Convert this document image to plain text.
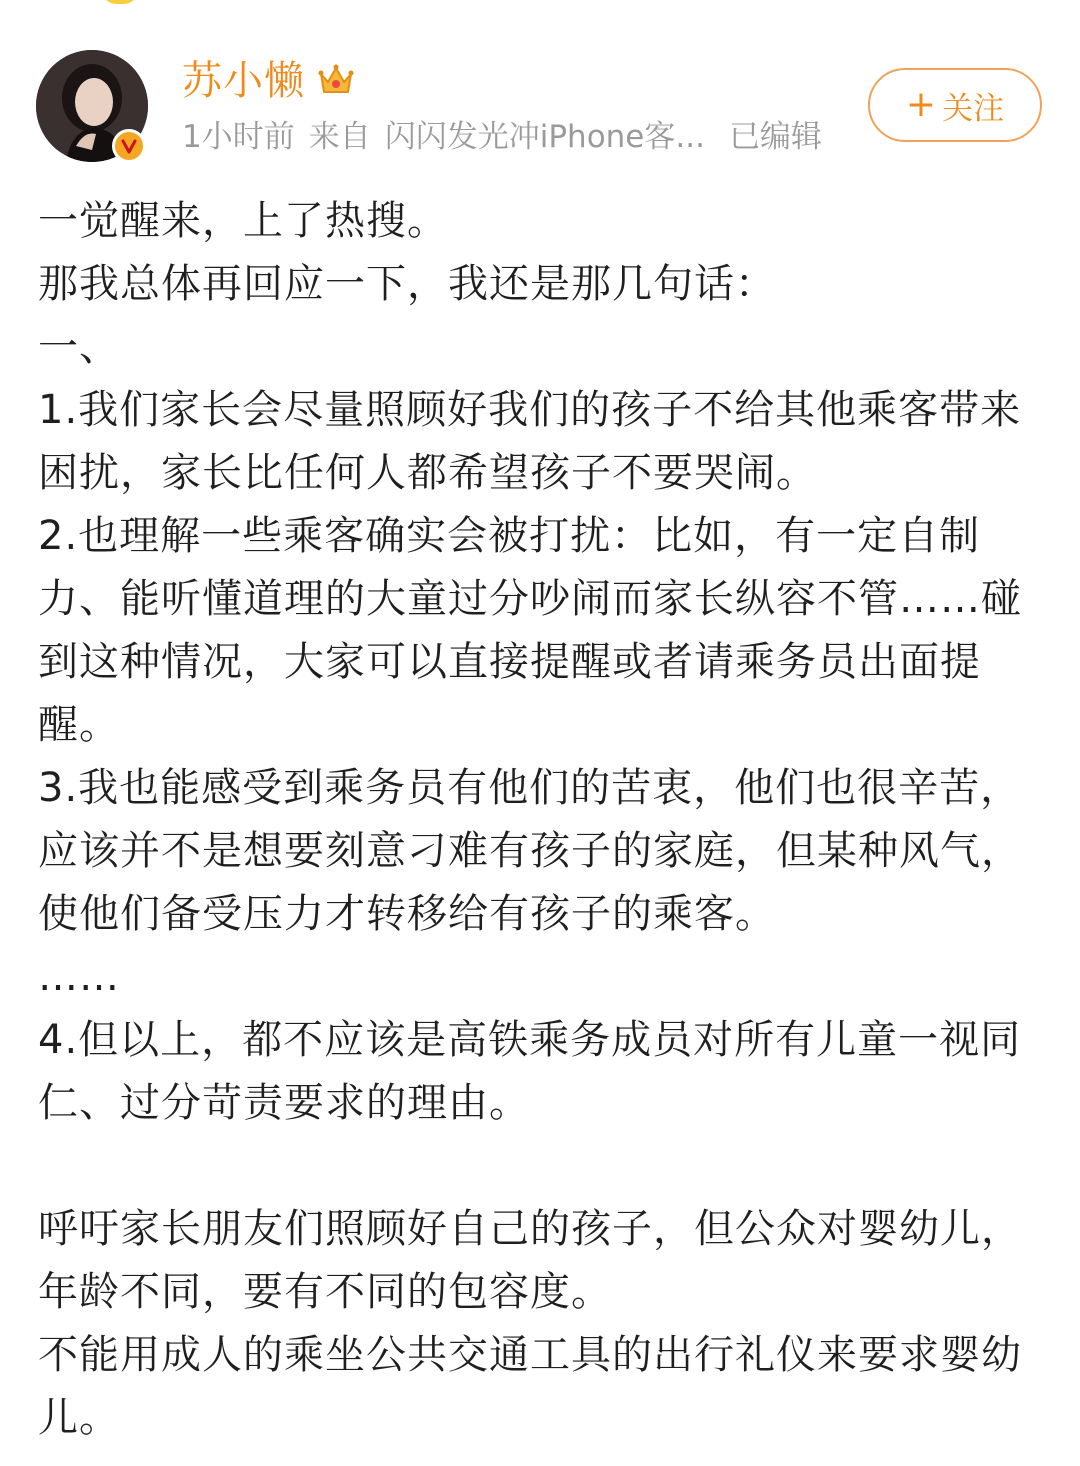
苏小懒
1小时前 来自 闪闪发光冲iPhone客... 已编辑
+ 关注

一觉醒来，上了热搜。

那我总体再回应一下，我还是那几句话：

一、

1.我们家长会尽量照顾好我们的孩子不给其他乘客带来困扰，家长比任何人都希望孩子不要哭闹。

2.也理解一些乘客确实会被打扰：比如，有一定自制力、能听懂道理的大童过分吵闹而家长纵容不管……碰到这种情况，大家可以直接提醒或者请乘务员出面提醒。

3.我也能感受到乘务员有他们的苦衷，他们也很辛苦，应该并不是想要刻意刁难有孩子的家庭，但某种风气，使他们备受压力才转移给有孩子的乘客。

……

4.但以上，都不应该是高铁乘务成员对所有儿童一视同仁、过分苛责要求的理由。

呼吁家长朋友们照顾好自己的孩子，但公众对婴幼儿，年龄不同，要有不同的包容度。

不能用成人的乘坐公共交通工具的出行礼仪来要求婴幼儿。
